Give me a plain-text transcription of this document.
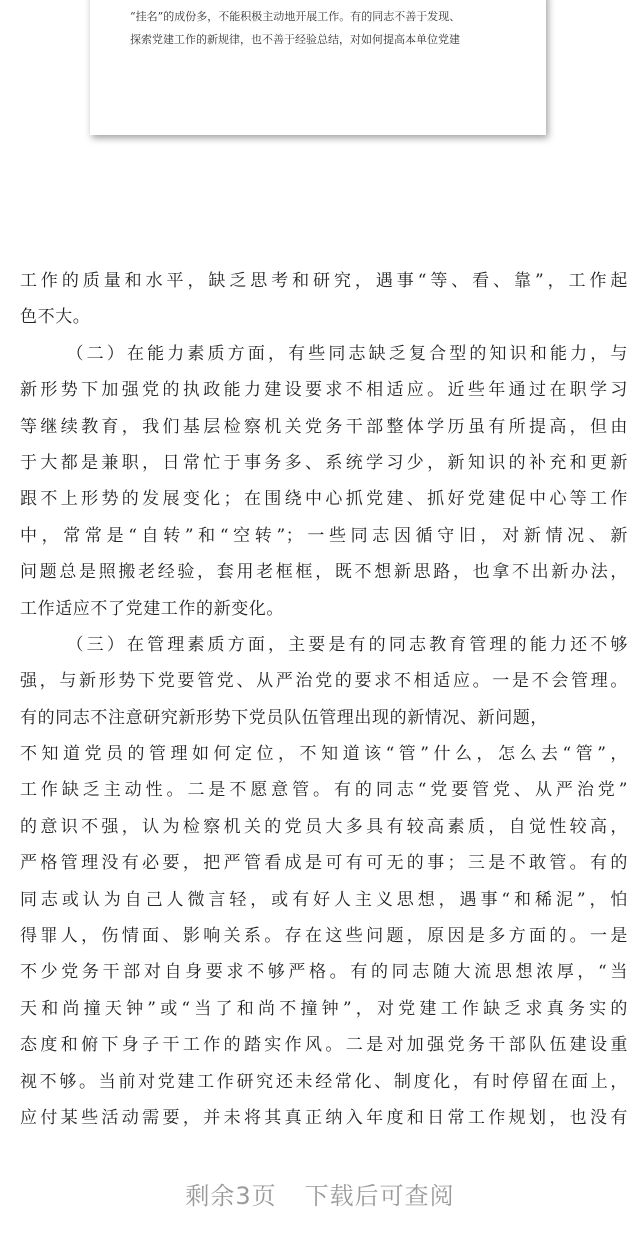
“挂名”的成份多，不能积极主动地开展工作。有的同志不善于发现、
探索党建工作的新规律，也不善于经验总结，对如何提高本单位党建
工作的质量和水平，缺乏思考和研究，遇事“等、看、靠”，工作起
色不大。
（二）在能力素质方面，有些同志缺乏复合型的知识和能力，与
新形势下加强党的执政能力建设要求不相适应。近些年通过在职学习
等继续教育，我们基层检察机关党务干部整体学历虽有所提高，但由
于大都是兼职，日常忙于事务多、系统学习少，新知识的补充和更新
跟不上形势的发展变化；在围绕中心抓党建、抓好党建促中心等工作
中，常常是“自转”和“空转”；一些同志因循守旧，对新情况、新
问题总是照搬老经验，套用老框框，既不想新思路，也拿不出新办法，
工作适应不了党建工作的新变化。
（三）在管理素质方面，主要是有的同志教育管理的能力还不够
强，与新形势下党要管党、从严治党的要求不相适应。一是不会管理。
有的同志不注意研究新形势下党员队伍管理出现的新情况、新问题，
不知道党员的管理如何定位，不知道该“管”什么，怎么去“管”，
工作缺乏主动性。二是不愿意管。有的同志“党要管党、从严治党”
的意识不强，认为检察机关的党员大多具有较高素质，自觉性较高，
严格管理没有必要，把严管看成是可有可无的事；三是不敢管。有的
同志或认为自己人微言轻，或有好人主义思想，遇事“和稀泥”，怕
得罪人，伤情面、影响关系。存在这些问题，原因是多方面的。一是
不少党务干部对自身要求不够严格。有的同志随大流思想浓厚，“当
天和尚撞天钟”或“当了和尚不撞钟”，对党建工作缺乏求真务实的
态度和俯下身子干工作的踏实作风。二是对加强党务干部队伍建设重
视不够。当前对党建工作研究还未经常化、制度化，有时停留在面上，
应付某些活动需要，并未将其真正纳入年度和日常工作规划，也没有
剩余3页 下载后可查阅
